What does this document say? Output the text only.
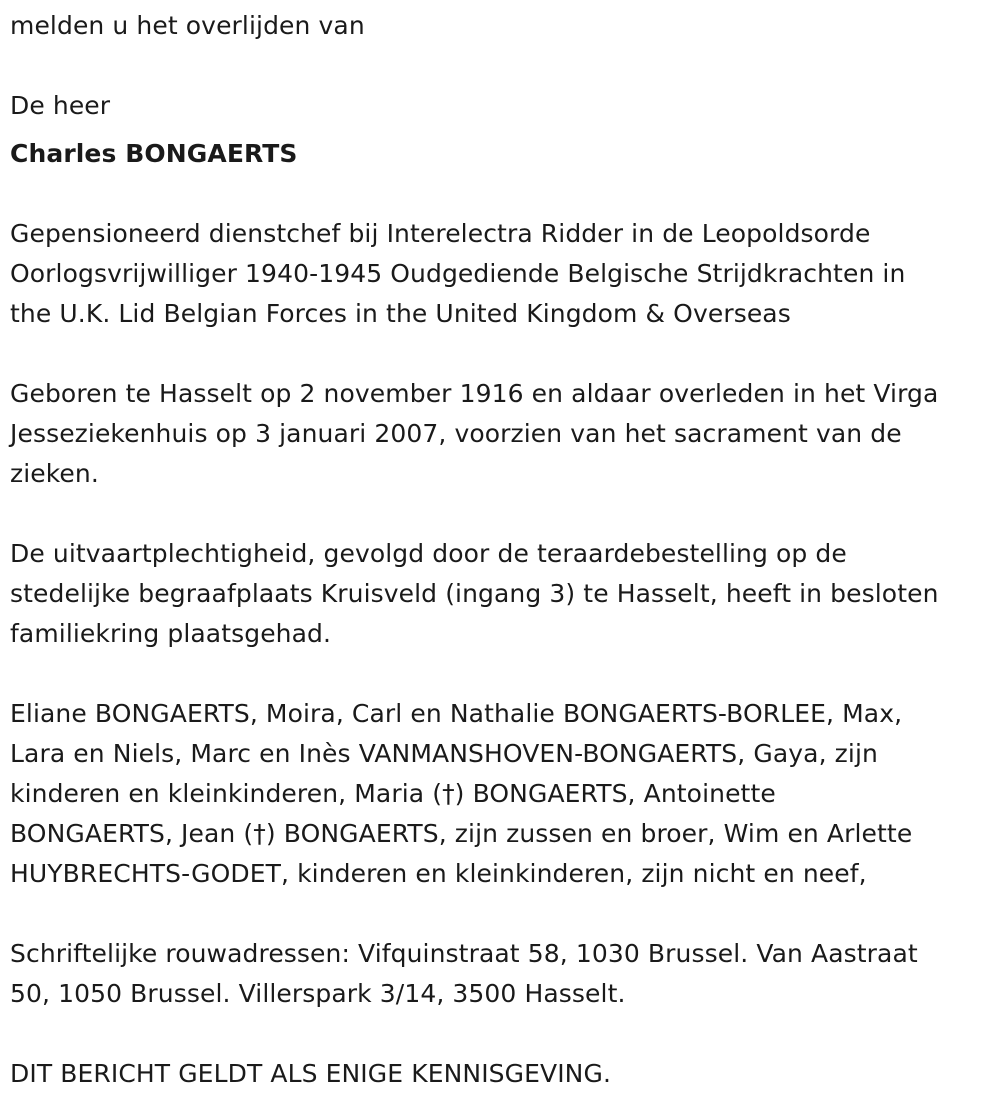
melden u het overlijden van

De heer

Charles BONGAERTS

Gepensioneerd dienstchef bij Interelectra Ridder in de Leopoldsorde
Oorlogsvrijwilliger 1940-1945 Oudgediende Belgische Strijdkrachten in
the U.K. Lid Belgian Forces in the United Kingdom & Overseas

Geboren te Hasselt op 2 november 1916 en aldaar overleden in het Virga
Jesseziekenhuis op 3 januari 2007, voorzien van het sacrament van de
zieken.

De uitvaartplechtigheid, gevolgd door de teraardebestelling op de
stedelijke begraafplaats Kruisveld (ingang 3) te Hasselt, heeft in besloten
familiekring plaatsgehad.

Eliane BONGAERTS, Moira, Carl en Nathalie BONGAERTS-BORLEE, Max,
Lara en Niels, Marc en Inès VANMANSHOVEN-BONGAERTS, Gaya, zijn
kinderen en kleinkinderen, Maria (†) BONGAERTS, Antoinette
BONGAERTS, Jean (†) BONGAERTS, zijn zussen en broer, Wim en Arlette
HUYBRECHTS-GODET, kinderen en kleinkinderen, zijn nicht en neef,

Schriftelijke rouwadressen: Vifquinstraat 58, 1030 Brussel. Van Aastraat
50, 1050 Brussel. Villerspark 3/14, 3500 Hasselt.

DIT BERICHT GELDT ALS ENIGE KENNISGEVING.
